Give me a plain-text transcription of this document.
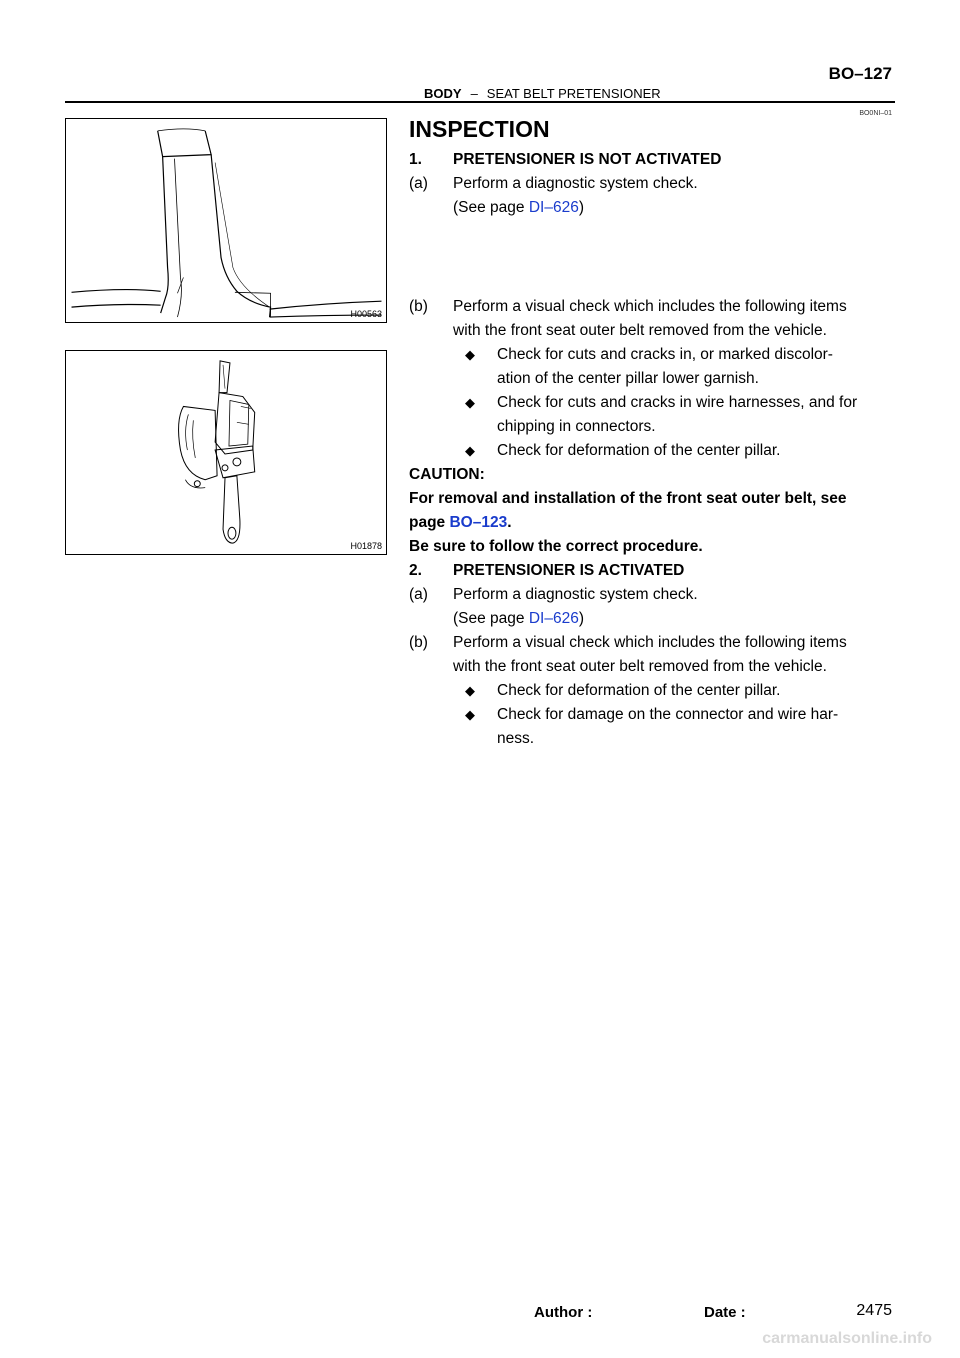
BO–127
BODY – SEAT BELT PRETENSIONER
BO0NI–01
H00563
H01878
INSPECTION
1. PRETENSIONER IS NOT ACTIVATED
(a) Perform a diagnostic system check.
(See page DI–626)
(b) Perform a visual check which includes the following items
with the front seat outer belt removed from the vehicle.
◆ Check for cuts and cracks in, or marked discolor-
ation of the center pillar lower garnish.
◆ Check for cuts and cracks in wire harnesses, and for
chipping in connectors.
◆ Check for deformation of the center pillar.
CAUTION:
For removal and installation of the front seat outer belt, see
page BO–123.
Be sure to follow the correct procedure.
2. PRETENSIONER IS ACTIVATED
(a) Perform a diagnostic system check.
(See page DI–626)
(b) Perform a visual check which includes the following items
with the front seat outer belt removed from the vehicle.
◆ Check for deformation of the center pillar.
◆ Check for damage on the connector and wire har-
ness.
Author :	Date :	2475
carmanualsonline.info
